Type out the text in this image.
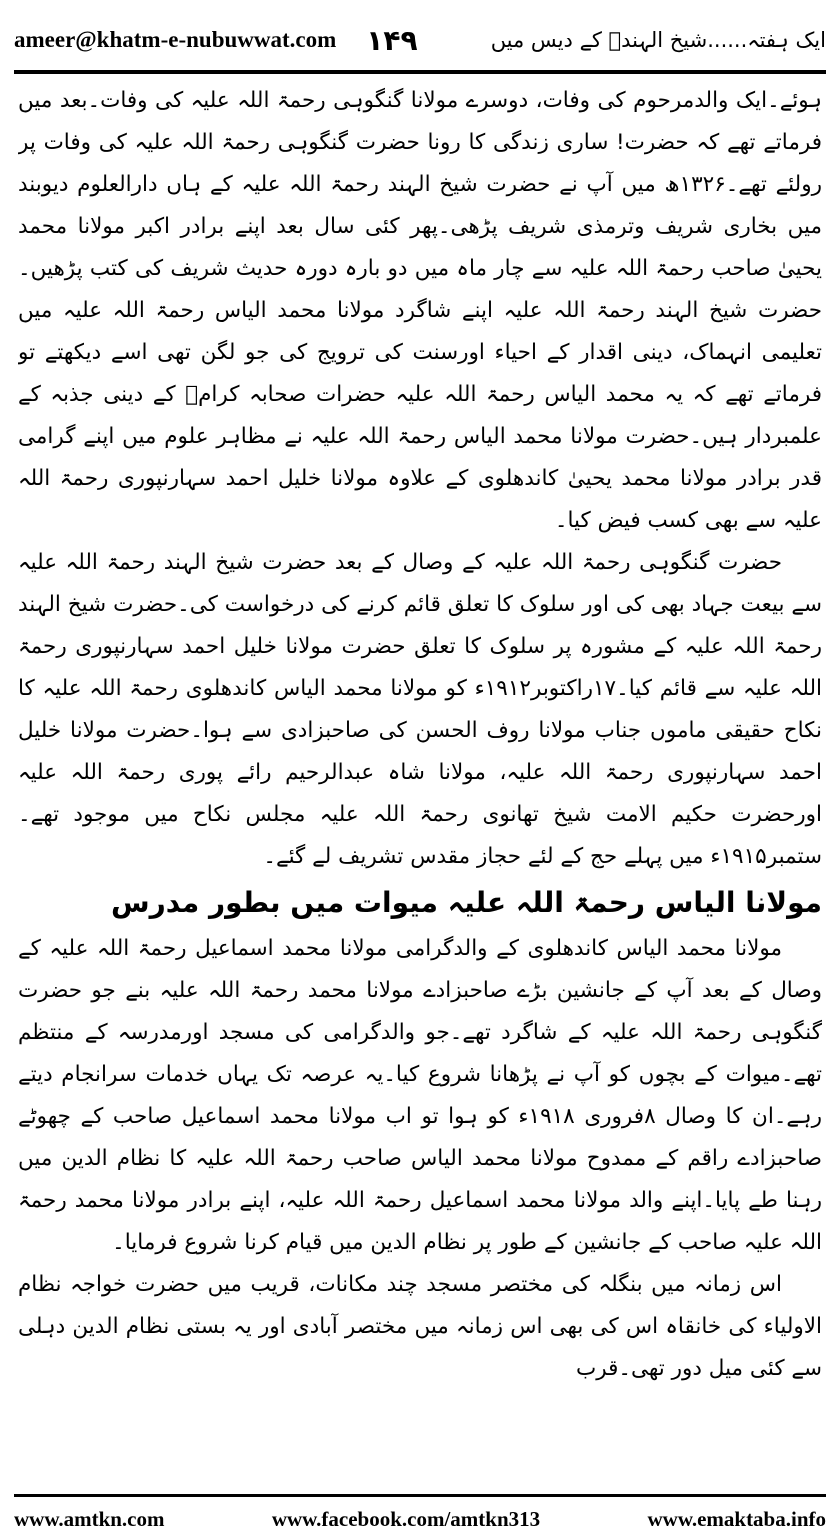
ameer@khatm-e-nubuwwat.com ۱۴۹	ایک ہفتہ......شیخ الہندؒ کے دیس میں

ہوئے۔ایک والدمرحوم کی وفات، دوسرے مولانا گنگوہی رحمۃ اللہ علیہ کی وفات۔بعد میں فرماتے تھے کہ حضرت! ساری زندگی کا رونا حضرت گنگوہی رحمۃ اللہ علیہ کی وفات پر رولئے تھے۔۱۳۲۶ھ میں آپ نے حضرت شیخ الہند رحمۃ اللہ علیہ کے ہاں دارالعلوم دیوبند میں بخاری شریف وترمذی شریف پڑھی۔پھر کئی سال بعد اپنے برادر اکبر مولانا محمد یحییٰ صاحب رحمۃ اللہ علیہ سے چار ماہ میں دو بارہ دورہ حدیث شریف کی کتب پڑھیں۔حضرت شیخ الہند رحمۃ اللہ علیہ اپنے شاگرد مولانا محمد الیاس رحمۃ اللہ علیہ میں تعلیمی انہماک، دینی اقدار کے احیاء اورسنت کی ترویج کی جو لگن تھی اسے دیکھتے تو فرماتے تھے کہ یہ محمد الیاس رحمۃ اللہ علیہ حضرات صحابہ کرامؓ کے دینی جذبہ کے علمبردار ہیں۔حضرت مولانا محمد الیاس رحمۃ اللہ علیہ نے مظاہر علوم میں اپنے گرامی قدر برادر مولانا محمد یحییٰ کاندھلوی کے علاوہ مولانا خلیل احمد سہارنپوری رحمۃ اللہ علیہ سے بھی کسب فیض کیا۔

حضرت گنگوہی رحمۃ اللہ علیہ کے وصال کے بعد حضرت شیخ الہند رحمۃ اللہ علیہ سے بیعت جہاد بھی کی اور سلوک کا تعلق قائم کرنے کی درخواست کی۔حضرت شیخ الہند رحمۃ اللہ علیہ کے مشورہ پر سلوک کا تعلق حضرت مولانا خلیل احمد سہارنپوری رحمۃ اللہ علیہ سے قائم کیا۔۱۷راکتوبر۱۹۱۲ء کو مولانا محمد الیاس کاندھلوی رحمۃ اللہ علیہ کا نکاح حقیقی ماموں جناب مولانا روف الحسن کی صاحبزادی سے ہوا۔حضرت مولانا خلیل احمد سہارنپوری رحمۃ اللہ علیہ، مولانا شاہ عبدالرحیم رائے پوری رحمۃ اللہ علیہ اورحضرت حکیم الامت شیخ تھانوی رحمۃ اللہ علیہ مجلس نکاح میں موجود تھے۔ستمبر۱۹۱۵ء میں پہلے حج کے لئے حجاز مقدس تشریف لے گئے۔

مولانا الیاس رحمۃ اللہ علیہ میوات میں بطور مدرس

مولانا محمد الیاس کاندھلوی کے والدگرامی مولانا محمد اسماعیل رحمۃ اللہ علیہ کے وصال کے بعد آپ کے جانشین بڑے صاحبزادے مولانا محمد رحمۃ اللہ علیہ بنے جو حضرت گنگوہی رحمۃ اللہ علیہ کے شاگرد تھے۔جو والدگرامی کی مسجد اورمدرسہ کے منتظم تھے۔میوات کے بچوں کو آپ نے پڑھانا شروع کیا۔یہ عرصہ تک یہاں خدمات سرانجام دیتے رہے۔ان کا وصال ۸فروری ۱۹۱۸ء کو ہوا تو اب مولانا محمد اسماعیل صاحب کے چھوٹے صاحبزادے راقم کے ممدوح مولانا محمد الیاس صاحب رحمۃ اللہ علیہ کا نظام الدین میں رہنا طے پایا۔اپنے والد مولانا محمد اسماعیل رحمۃ اللہ علیہ، اپنے برادر مولانا محمد رحمۃ اللہ علیہ صاحب کے جانشین کے طور پر نظام الدین میں قیام کرنا شروع فرمایا۔

اس زمانہ میں بنگلہ کی مختصر مسجد چند مکانات، قریب میں حضرت خواجہ نظام الاولیاء کی خانقاہ اس کی بھی اس زمانہ میں مختصر آبادی اور یہ بستی نظام الدین دہلی سے کئی میل دور تھی۔قرب

www.amtkn.com	www.facebook.com/amtkn313	www.emaktaba.info
